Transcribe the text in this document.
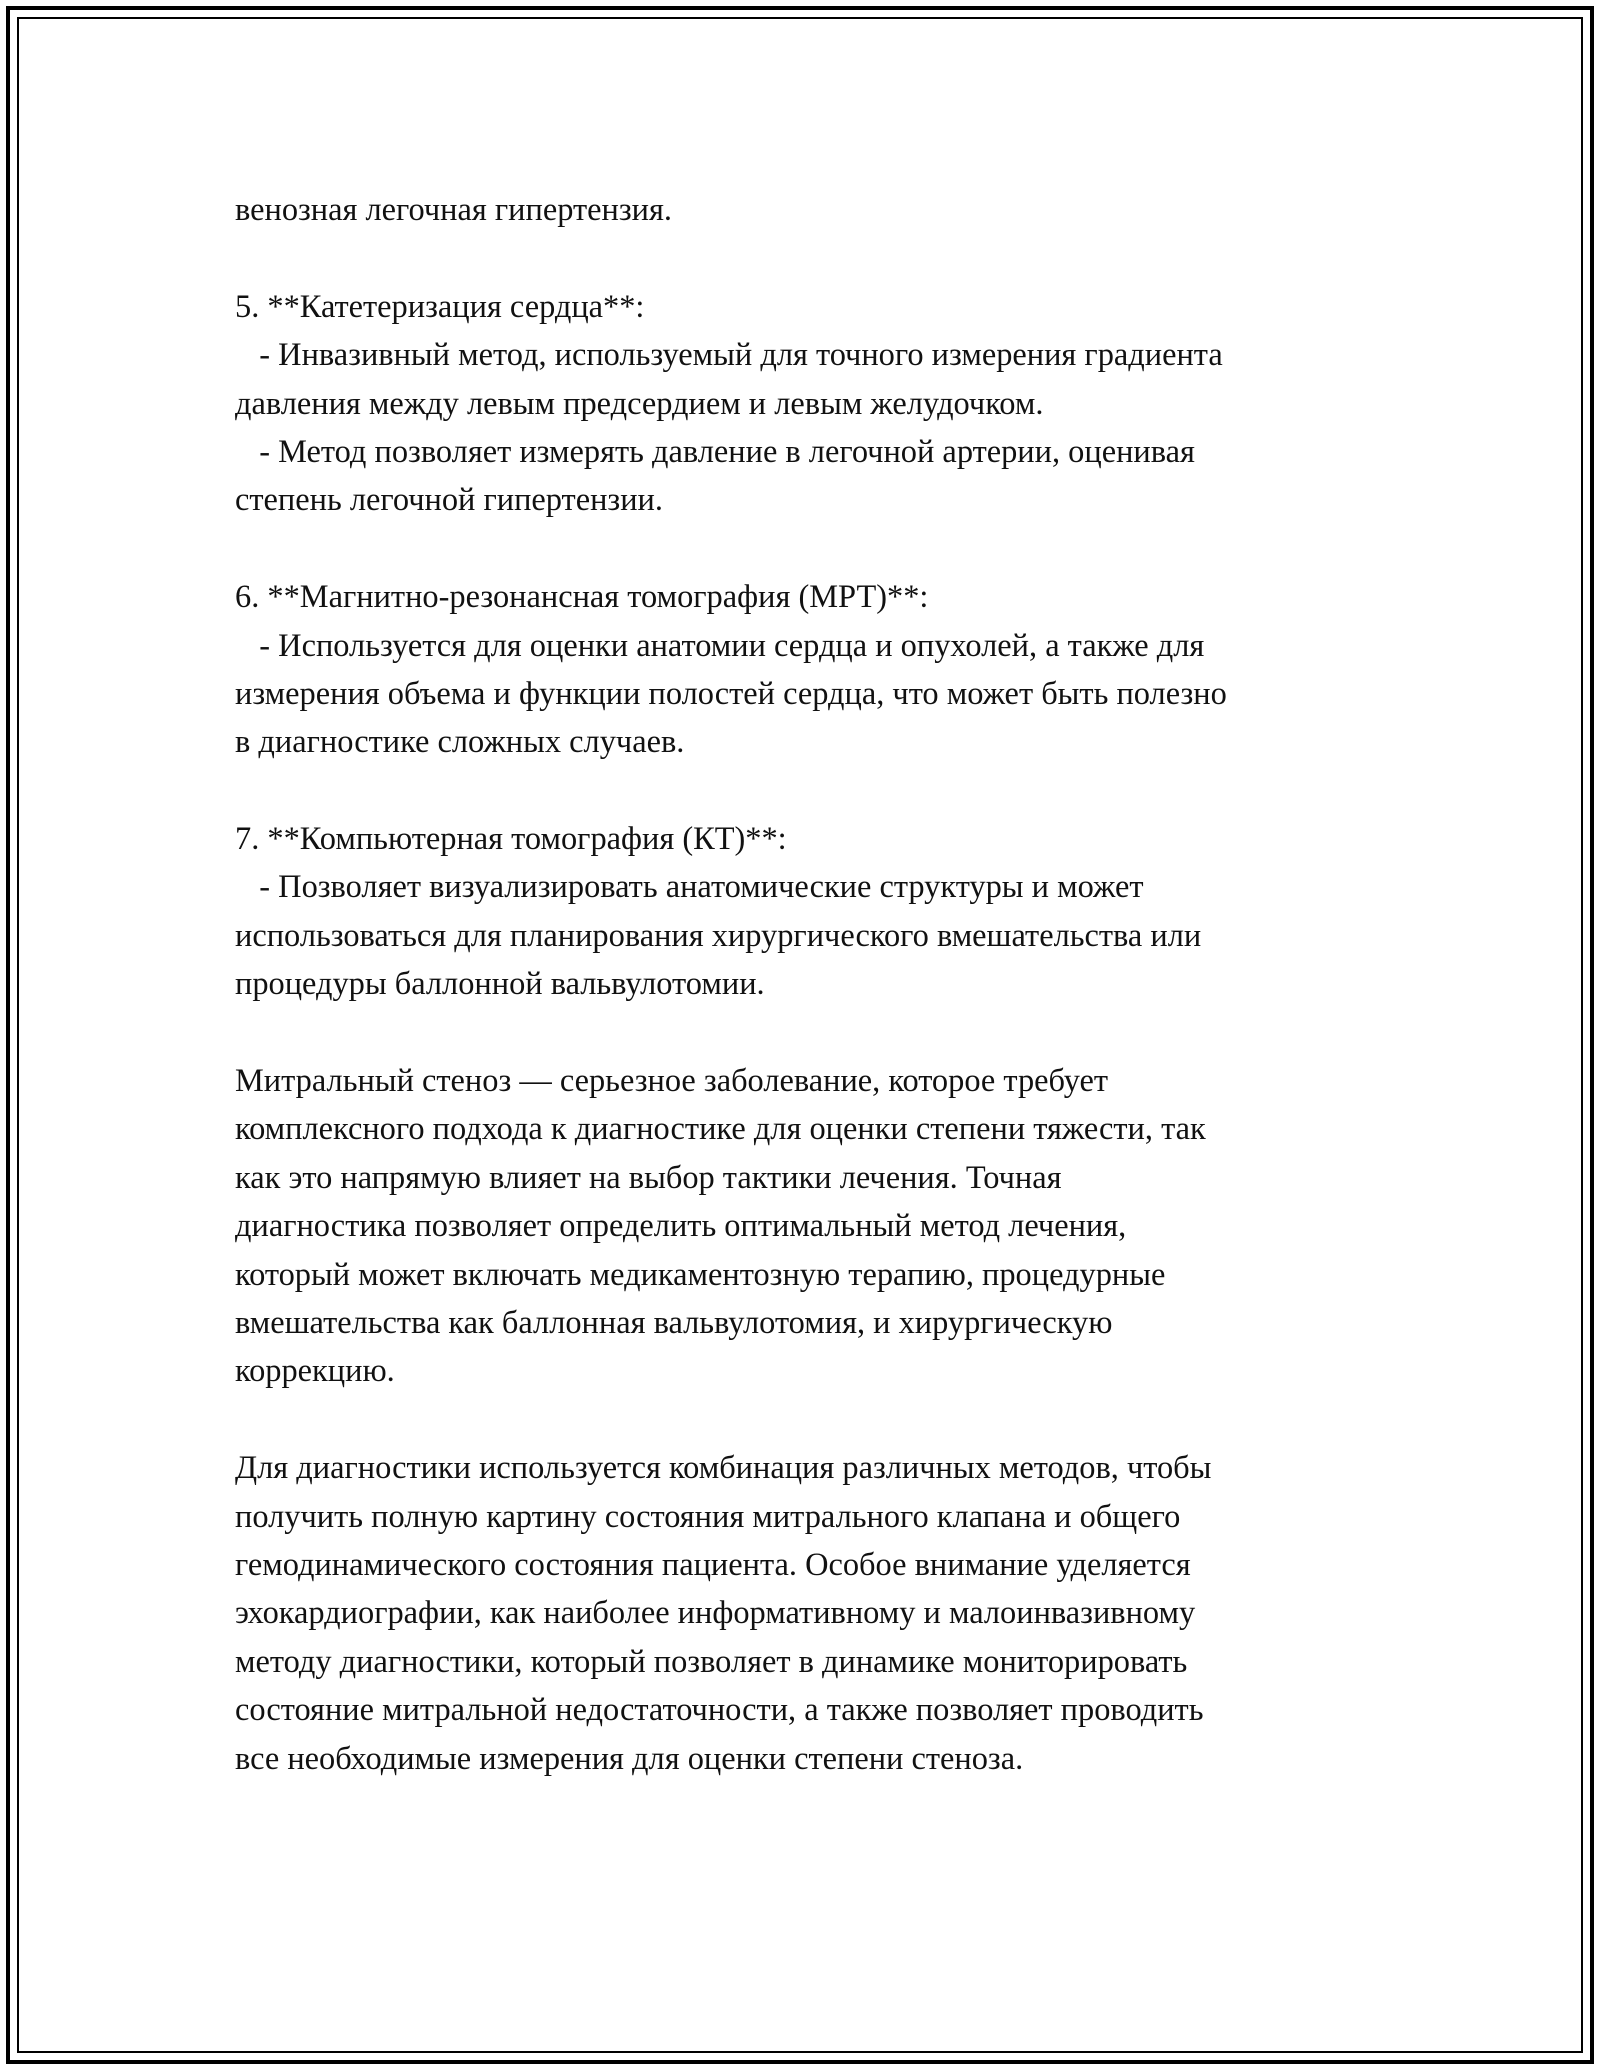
венозная легочная гипертензия.
5. **Катетеризация сердца**:
- Инвазивный метод, используемый для точного измерения градиента
давления между левым предсердием и левым желудочком.
- Метод позволяет измерять давление в легочной артерии, оценивая
степень легочной гипертензии.
6. **Магнитно-резонансная томография (МРТ)**:
- Используется для оценки анатомии сердца и опухолей, а также для
измерения объема и функции полостей сердца, что может быть полезно
в диагностике сложных случаев.
7. **Компьютерная томография (КТ)**:
- Позволяет визуализировать анатомические структуры и может
использоваться для планирования хирургического вмешательства или
процедуры баллонной вальвулотомии.
Митральный стеноз — серьезное заболевание, которое требует
комплексного подхода к диагностике для оценки степени тяжести, так
как это напрямую влияет на выбор тактики лечения. Точная
диагностика позволяет определить оптимальный метод лечения,
который может включать медикаментозную терапию, процедурные
вмешательства как баллонная вальвулотомия, и хирургическую
коррекцию.
Для диагностики используется комбинация различных методов, чтобы
получить полную картину состояния митрального клапана и общего
гемодинамического состояния пациента. Особое внимание уделяется
эхокардиографии, как наиболее информативному и малоинвазивному
методу диагностики, который позволяет в динамике мониторировать
состояние митральной недостаточности, а также позволяет проводить
все необходимые измерения для оценки степени стеноза.
